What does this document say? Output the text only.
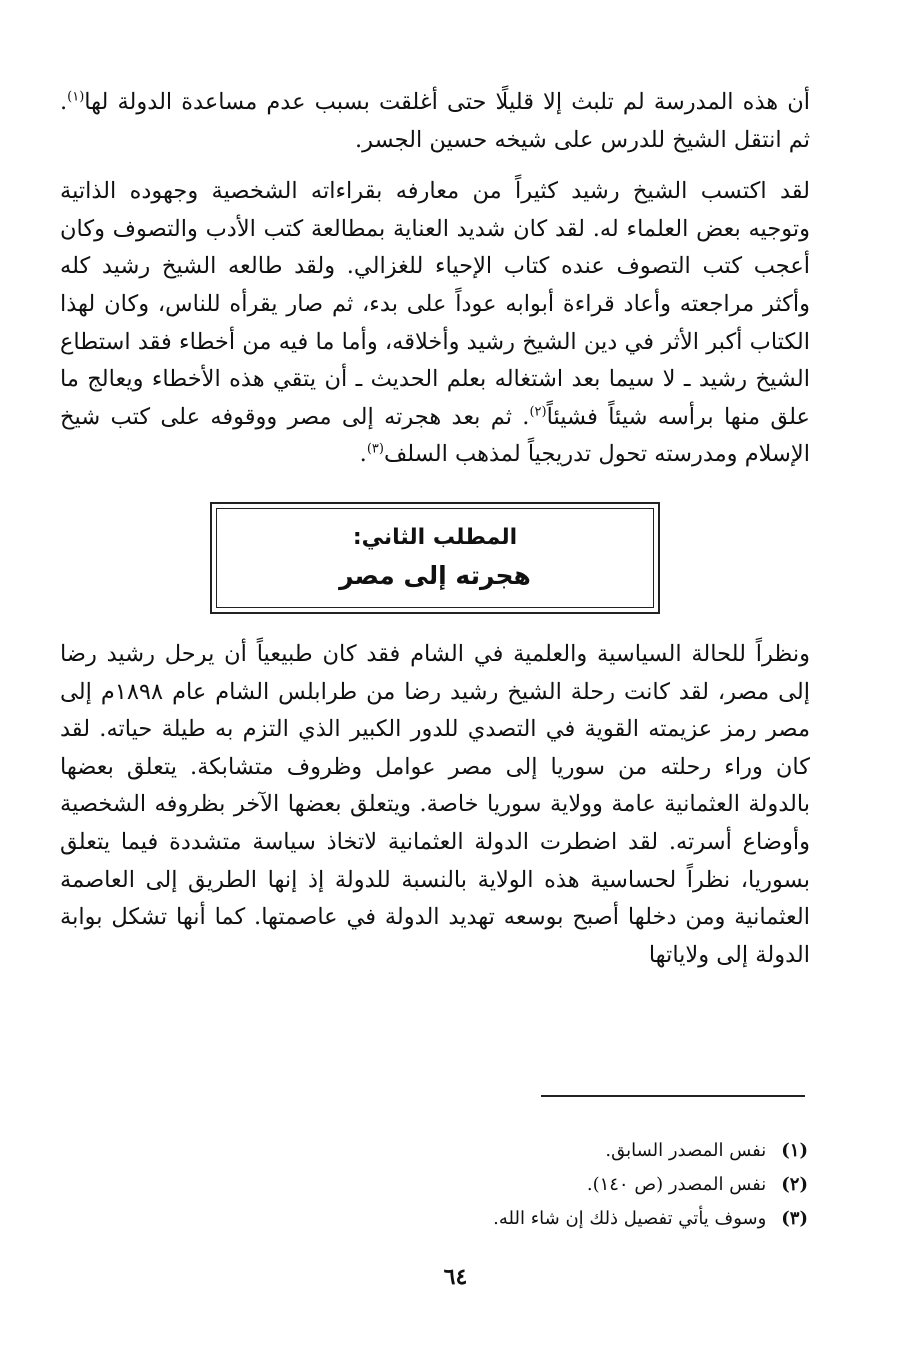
أن هذه المدرسة لم تلبث إلا قليلًا حتى أغلقت بسبب عدم مساعدة الدولة لها$^{(١)}$. ثم انتقل الشيخ للدرس على شيخه حسين الجسر.

لقد اكتسب الشيخ رشيد كثيراً من معارفه بقراءاته الشخصية وجهوده الذاتية وتوجيه بعض العلماء له. لقد كان شديد العناية بمطالعة كتب الأدب والتصوف وكان أعجب كتب التصوف عنده كتاب الإحياء للغزالي. ولقد طالعه الشيخ رشيد كله وأكثر مراجعته وأعاد قراءة أبوابه عوداً على بدء، ثم صار يقرأه للناس، وكان لهذا الكتاب أكبر الأثر في دين الشيخ رشيد وأخلاقه، وأما ما فيه من أخطاء فقد استطاع الشيخ رشيد ـ لا سيما بعد اشتغاله بعلم الحديث ـ أن يتقي هذه الأخطاء ويعالج ما علق منها برأسه شيئاً فشيئاً$^{(٢)}$. ثم بعد هجرته إلى مصر ووقوفه على كتب شيخ الإسلام ومدرسته تحول تدريجياً لمذهب السلف$^{(٣)}$.

المطلب الثاني:
هجرته إلى مصر

ونظراً للحالة السياسية والعلمية في الشام فقد كان طبيعياً أن يرحل رشيد رضا إلى مصر، لقد كانت رحلة الشيخ رشيد رضا من طرابلس الشام عام ١٨٩٨م إلى مصر رمز عزيمته القوية في التصدي للدور الكبير الذي التزم به طيلة حياته. لقد كان وراء رحلته من سوريا إلى مصر عوامل وظروف متشابكة. يتعلق بعضها بالدولة العثمانية عامة وولاية سوريا خاصة. ويتعلق بعضها الآخر بظروفه الشخصية وأوضاع أسرته. لقد اضطرت الدولة العثمانية لاتخاذ سياسة متشددة فيما يتعلق بسوريا، نظراً لحساسية هذه الولاية بالنسبة للدولة إذ إنها الطريق إلى العاصمة العثمانية ومن دخلها أصبح بوسعه تهديد الدولة في عاصمتها. كما أنها تشكل بوابة الدولة إلى ولاياتها

(١) نفس المصدر السابق.
(٢) نفس المصدر (ص ١٤٠).
(٣) وسوف يأتي تفصيل ذلك إن شاء الله.
٦٤
